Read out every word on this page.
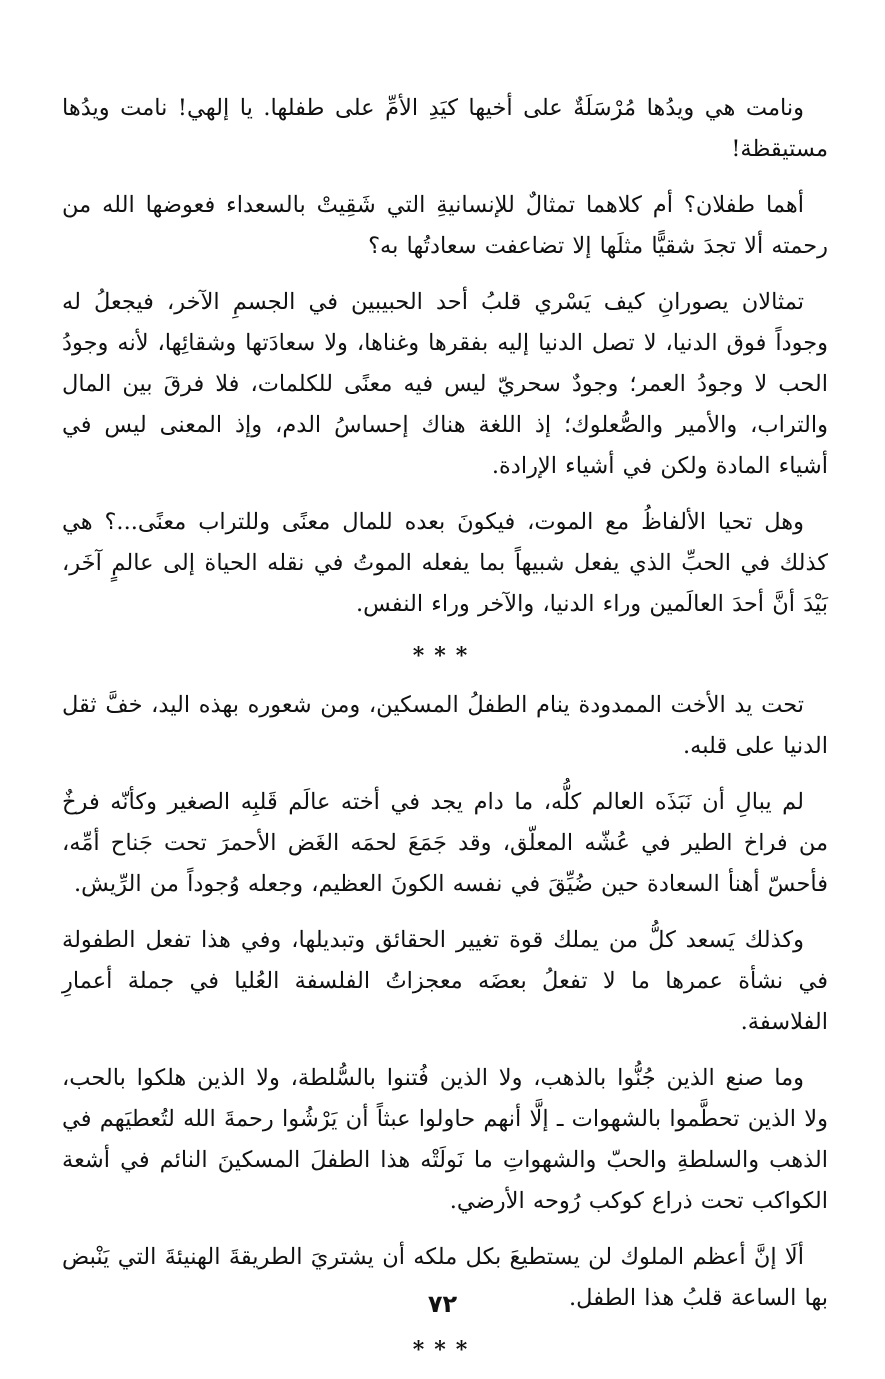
ونامت هي ويدُها مُرْسَلَةٌ على أخيها كيَدِ الأمِّ على طفلها. يا إلهي! نامت ويدُها مستيقظة!

أهما طفلان؟ أم كلاهما تمثالٌ للإنسانيةِ التي شَقِيتْ بالسعداء فعوضها الله من رحمته ألا تجدَ شقيًّا مثلَها إلا تضاعفت سعادتُها به؟

تمثالان يصورانِ كيف يَسْري قلبُ أحد الحبيبين في الجسمِ الآخر، فيجعلُ له وجوداً فوق الدنيا، لا تصل الدنيا إليه بفقرها وغناها، ولا سعادَتها وشقائِها، لأنه وجودُ الحب لا وجودُ العمر؛ وجودٌ سحريّ ليس فيه معنًى للكلمات، فلا فرقَ بين المال والتراب، والأمير والصُّعلوك؛ إذ اللغة هناك إحساسُ الدم، وإذ المعنى ليس في أشياء المادة ولكن في أشياء الإرادة.

وهل تحيا الألفاظُ مع الموت، فيكونَ بعده للمال معنًى وللتراب معنًى...؟ هي كذلك في الحبِّ الذي يفعل شبيهاً بما يفعله الموتُ في نقله الحياة إلى عالمٍ آخَر، بَيْدَ أنَّ أحدَ العالَمين وراء الدنيا، والآخر وراء النفس.

***

تحت يد الأخت الممدودة ينام الطفلُ المسكين، ومن شعوره بهذه اليد، خفَّ ثقل الدنيا على قلبه.

لم يبالِ أن نَبَذَه العالم كلُّه، ما دام يجد في أخته عالَم قَلبِه الصغير وكأنّه فرخٌ من فراخ الطير في عُشّه المعلّق، وقد جَمَعَ لحمَه الغَض الأحمرَ تحت جَناح أمِّه، فأحسّ أهنأ السعادة حين ضُيِّقَ في نفسه الكونَ العظيم، وجعله وُجوداً من الرِّيش.

وكذلك يَسعد كلُّ من يملك قوة تغيير الحقائق وتبديلها، وفي هذا تفعل الطفولة في نشأة عمرها ما لا تفعلُ بعضَه معجزاتُ الفلسفة العُليا في جملة أعمارِ الفلاسفة.

وما صنع الذين جُنُّوا بالذهب، ولا الذين فُتنوا بالسُّلطة، ولا الذين هلكوا بالحب، ولا الذين تحطَّموا بالشهوات ـ إلَّا أنهم حاولوا عبثاً أن يَرْشُوا رحمةَ الله لتُعطيَهم في الذهب والسلطةِ والحبّ والشهواتِ ما نَولَتْه هذا الطفلَ المسكينَ النائم في أشعة الكواكب تحت ذراع كوكب رُوحه الأرضي.

ألَا إنَّ أعظم الملوك لن يستطيعَ بكل ملكه أن يشتريَ الطريقةَ الهنيئةَ التي يَنْبض بها الساعة قلبُ هذا الطفل.

***
٧٢
